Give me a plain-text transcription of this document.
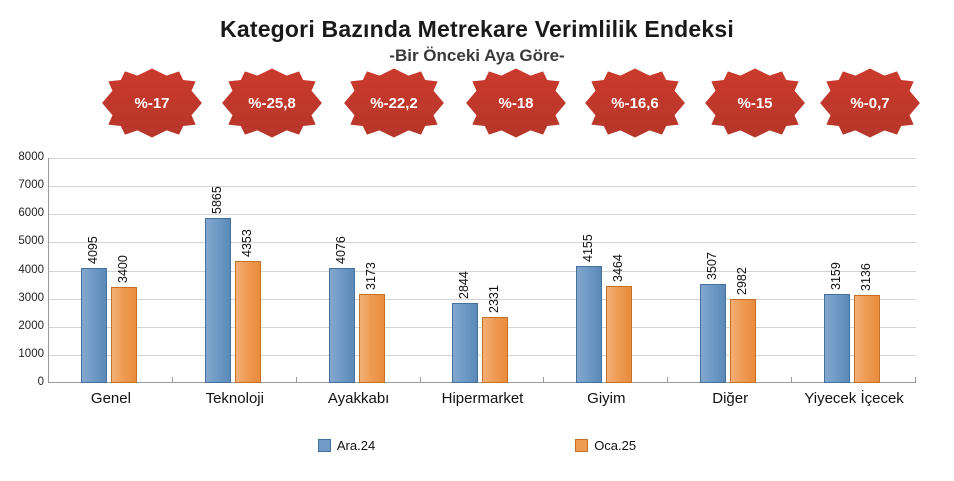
Kategori Bazında Metrekare Verimlilik Endeksi
-Bir Önceki Aya Göre-
%-17	%-25,8	%-22,2	%-18	%-16,6	%-15	%-0,7
0
1000
2000
3000
4000
5000
6000
7000
8000
4095
3400
5865
4353	4076
3173	2844
2331
4155
3464	3507
2982	3159 3136
Genel	Teknoloji	Ayakkabı	Hipermarket	Giyim	Diğer	Yiyecek İçecek
Ara.24	Oca.25
